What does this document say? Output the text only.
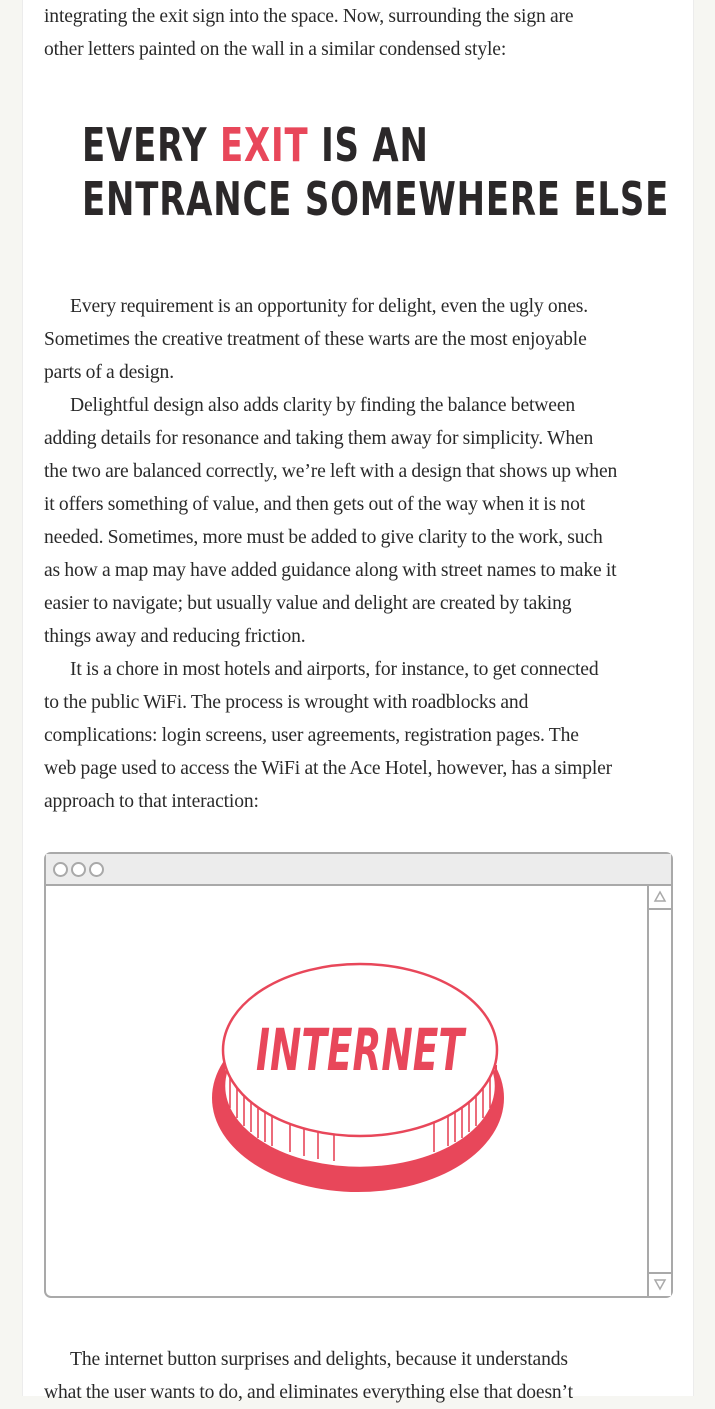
integrating the exit sign into the space. Now, surrounding the sign are
other letters painted on the wall in a similar condensed style:

EVERY EXIT IS AN
ENTRANCE SOMEWHERE ELSE

Every requirement is an opportunity for delight, even the ugly ones.
Sometimes the creative treatment of these warts are the most enjoyable
parts of a design.
Delightful design also adds clarity by finding the balance between
adding details for resonance and taking them away for simplicity. When
the two are balanced correctly, we’re left with a design that shows up when
it offers something of value, and then gets out of the way when it is not
needed. Sometimes, more must be added to give clarity to the work, such
as how a map may have added guidance along with street names to make it
easier to navigate; but usually value and delight are created by taking
things away and reducing friction.
It is a chore in most hotels and airports, for instance, to get connected
to the public WiFi. The process is wrought with roadblocks and
complications: login screens, user agreements, registration pages. The
web page used to access the WiFi at the Ace Hotel, however, has a simpler
approach to that interaction:

INTERNET

The internet button surprises and delights, because it understands
what the user wants to do, and eliminates everything else that doesn’t
